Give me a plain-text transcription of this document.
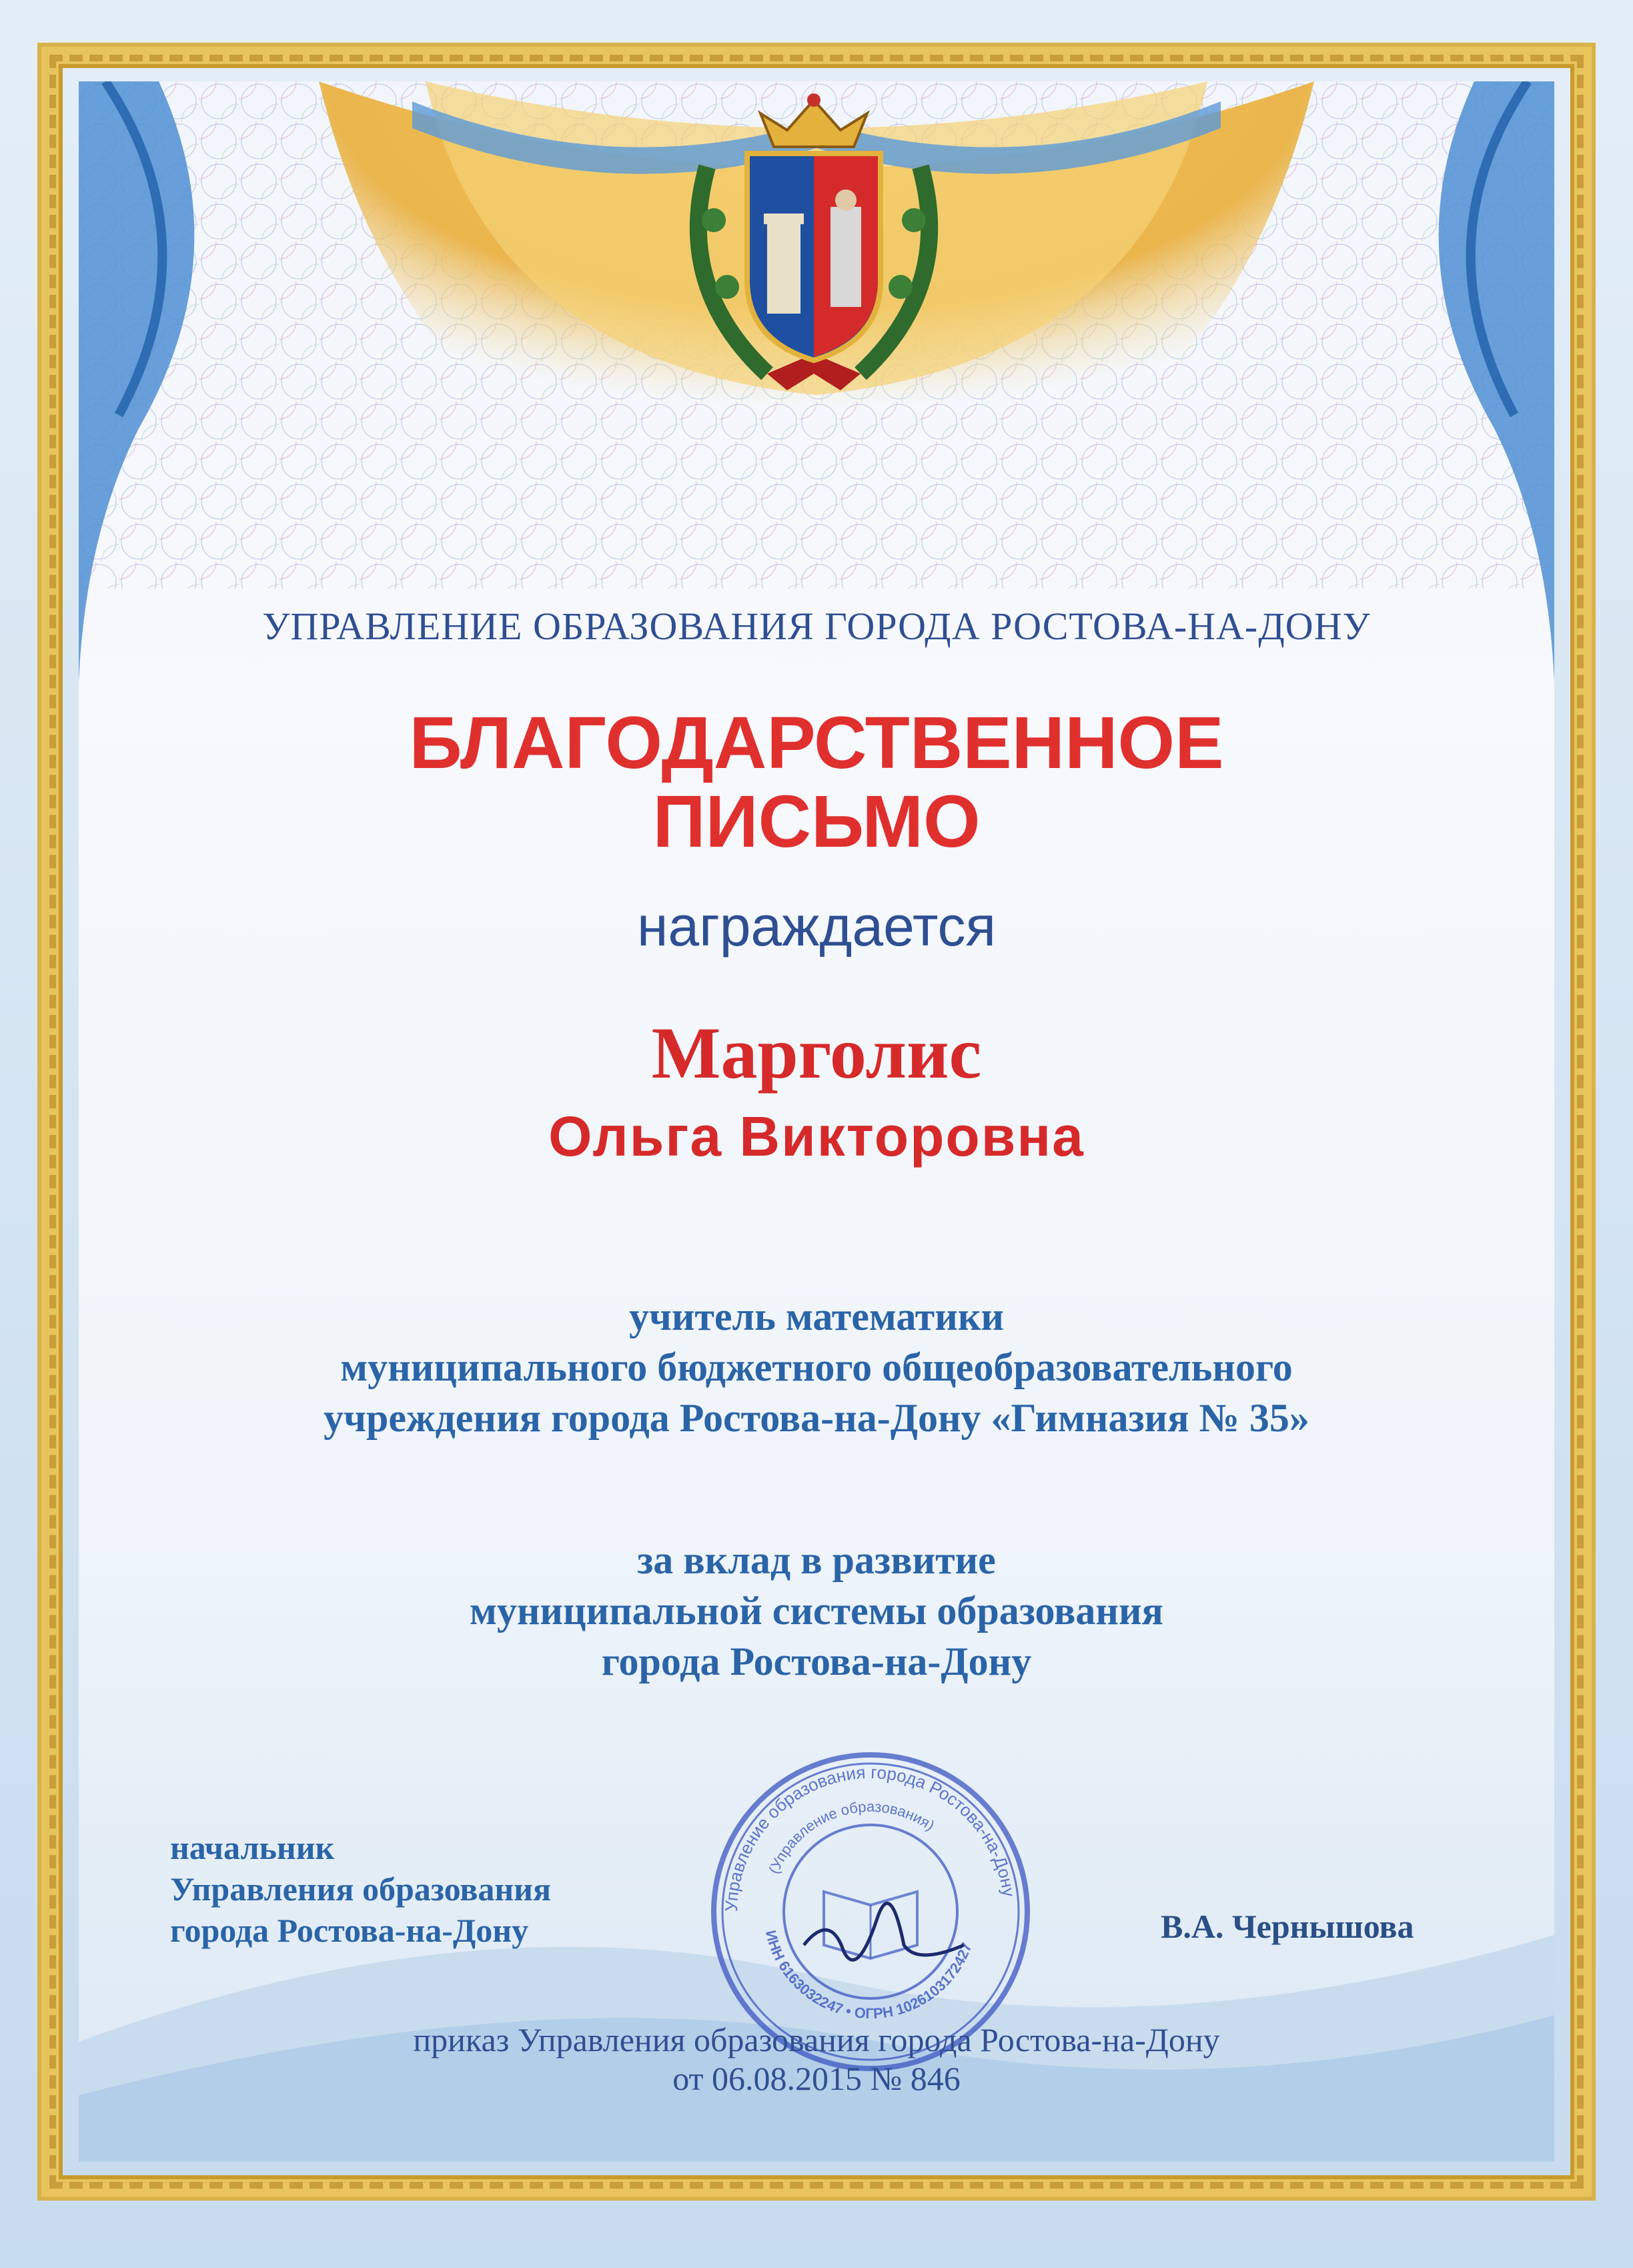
УПРАВЛЕНИЕ ОБРАЗОВАНИЯ ГОРОДА РОСТОВА-НА-ДОНУ
БЛАГОДАРСТВЕННОЕ
ПИСЬМО
награждается
Марголис
Ольга Викторовна
учитель математики
муниципального бюджетного общеобразовательного
учреждения города Ростова-на-Дону «Гимназия № 35»
за вклад в развитие
муниципальной системы образования
города Ростова-на-Дону
начальник
Управления образования
города Ростова-на-Дону
Управление образования города Ростова-на-Дону
(Управление образования)
ИНН 6163032247 • ОГРН 1026103172427
В.А. Чернышова
приказ Управления образования города Ростова-на-Дону
от 06.08.2015 № 846
